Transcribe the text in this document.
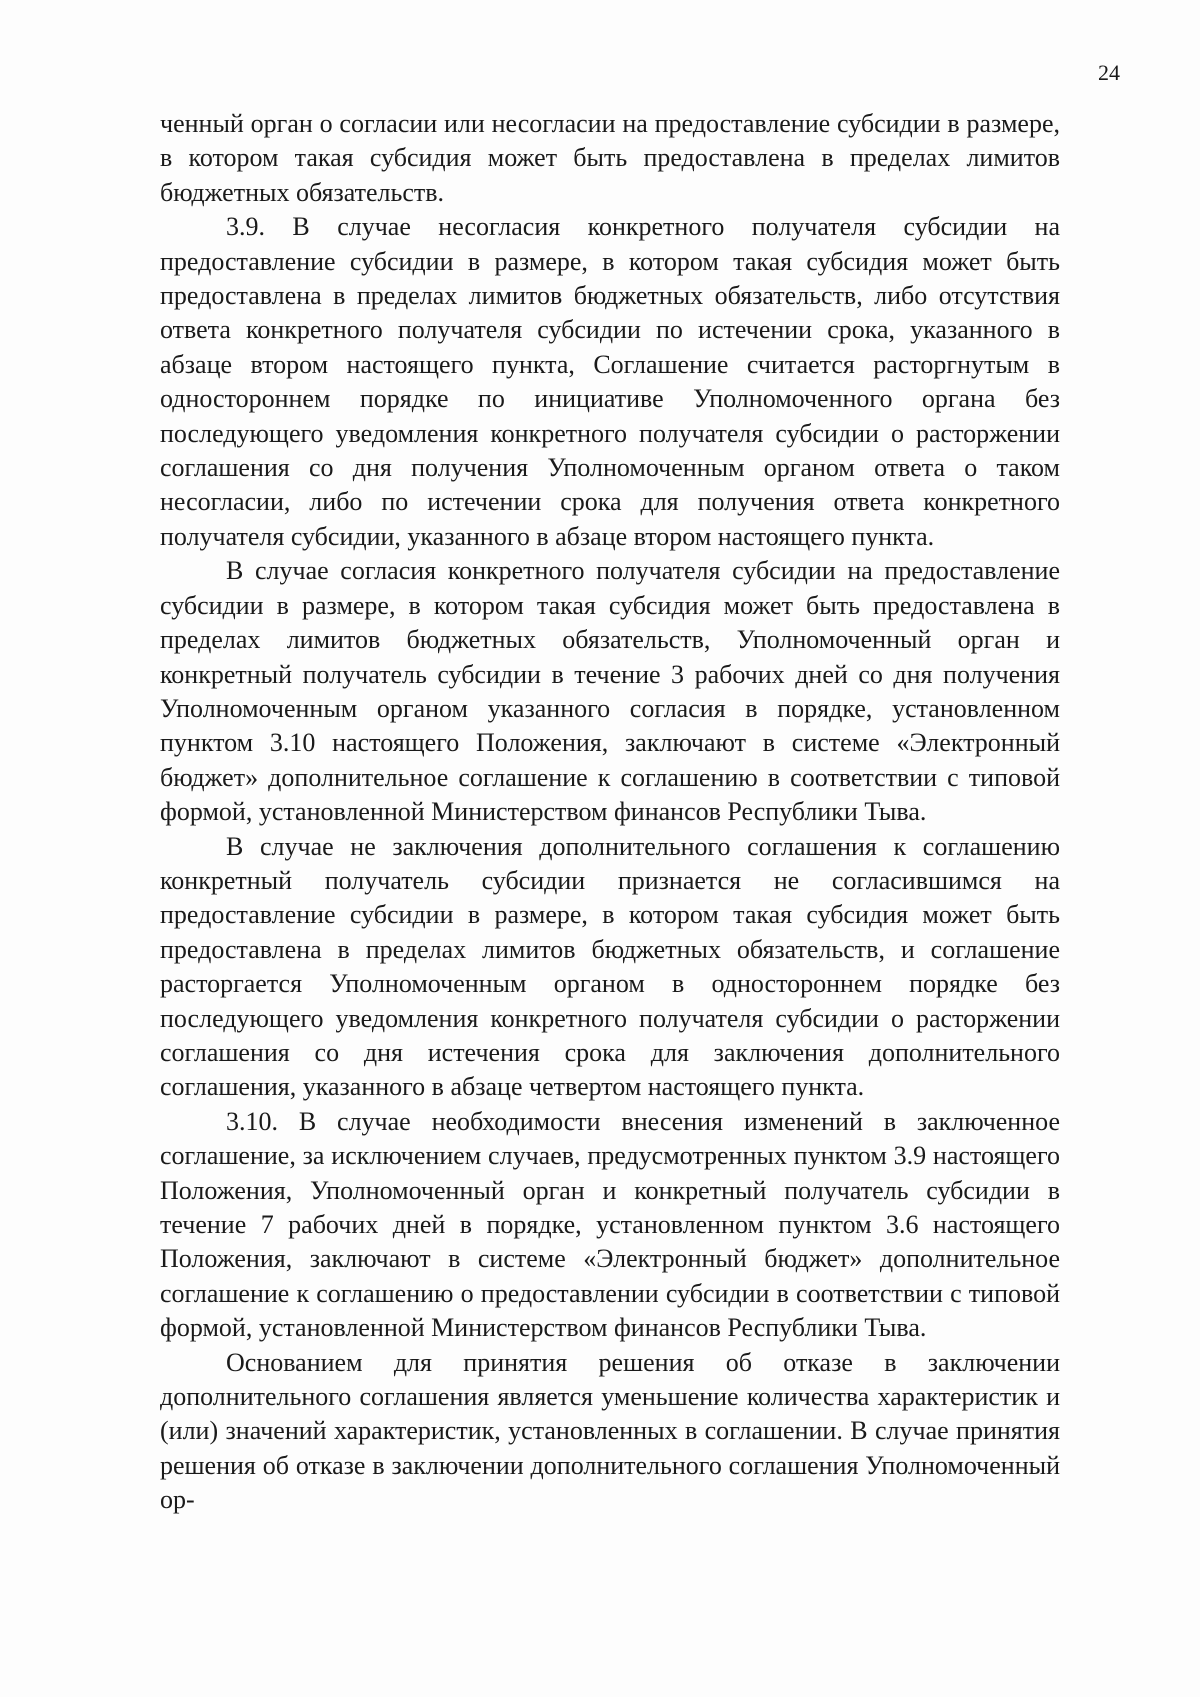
24

ченный орган о согласии или несогласии на предоставление субсидии в размере, в котором такая субсидия может быть предоставлена в пределах лимитов бюджетных обязательств.

3.9. В случае несогласия конкретного получателя субсидии на предоставление субсидии в размере, в котором такая субсидия может быть предоставлена в пределах лимитов бюджетных обязательств, либо отсутствия ответа конкретного получателя субсидии по истечении срока, указанного в абзаце втором настоящего пункта, Соглашение считается расторгнутым в одностороннем порядке по инициативе Уполномоченного органа без последующего уведомления конкретного получателя субсидии о расторжении соглашения со дня получения Уполномоченным органом ответа о таком несогласии, либо по истечении срока для получения ответа конкретного получателя субсидии, указанного в абзаце втором настоящего пункта.

В случае согласия конкретного получателя субсидии на предоставление субсидии в размере, в котором такая субсидия может быть предоставлена в пределах лимитов бюджетных обязательств, Уполномоченный орган и конкретный получатель субсидии в течение 3 рабочих дней со дня получения Уполномоченным органом указанного согласия в порядке, установленном пунктом 3.10 настоящего Положения, заключают в системе «Электронный бюджет» дополнительное соглашение к соглашению в соответствии с типовой формой, установленной Министерством финансов Республики Тыва.

В случае не заключения дополнительного соглашения к соглашению конкретный получатель субсидии признается не согласившимся на предоставление субсидии в размере, в котором такая субсидия может быть предоставлена в пределах лимитов бюджетных обязательств, и соглашение расторгается Уполномоченным органом в одностороннем порядке без последующего уведомления конкретного получателя субсидии о расторжении соглашения со дня истечения срока для заключения дополнительного соглашения, указанного в абзаце четвертом настоящего пункта.

3.10. В случае необходимости внесения изменений в заключенное соглашение, за исключением случаев, предусмотренных пунктом 3.9 настоящего Положения, Уполномоченный орган и конкретный получатель субсидии в течение 7 рабочих дней в порядке, установленном пунктом 3.6 настоящего Положения, заключают в системе «Электронный бюджет» дополнительное соглашение к соглашению о предоставлении субсидии в соответствии с типовой формой, установленной Министерством финансов Республики Тыва.

Основанием для принятия решения об отказе в заключении дополнительного соглашения является уменьшение количества характеристик и (или) значений характеристик, установленных в соглашении. В случае принятия решения об отказе в заключении дополнительного соглашения Уполномоченный ор-
